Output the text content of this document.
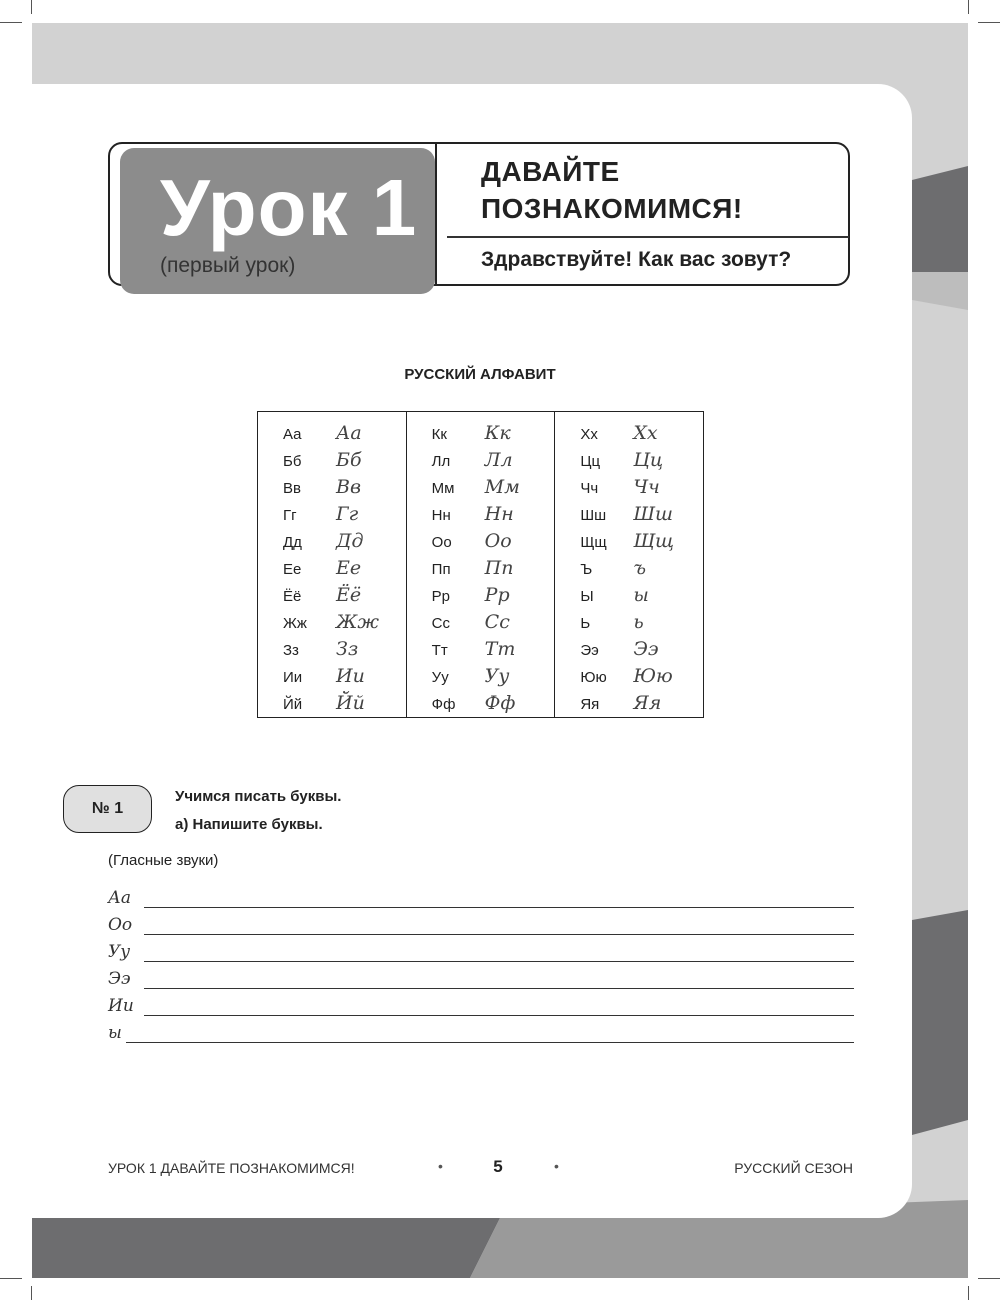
Урок 1
(первый урок)
ДАВАЙТЕ
ПОЗНАКОМИМСЯ!
Здравствуйте! Как вас зовут?
РУССКИЙ АЛФАВИТ
Аа Аа
Бб Бб
Вв Вв
Гг Гг
Дд Дд
Ее Ее
Ёё Ёё
Жж Жж
Зз Зз
Ии Ии
Йй Йй
Кк Кк
Лл Лл
Мм Мм
Нн Нн
Оо Оо
Пп Пп
Рр Рр
Сс Сс
Тт Тт
Уу Уу
Фф Фф
Хх Хх
Цц Цц
Чч Чч
Шш Шш
Щщ Щщ
Ъ ъ
Ы ы
Ь ь
Ээ Ээ
Юю Юю
Яя Яя
№ 1
Учимся писать буквы.
а) Напишите буквы.
(Гласные звуки)
Аа
Оо
Уу
Ээ
Ии
ы
УРОК 1 ДАВАЙТЕ ПОЗНАКОМИМСЯ!	•	5	•	РУССКИЙ СЕЗОН
